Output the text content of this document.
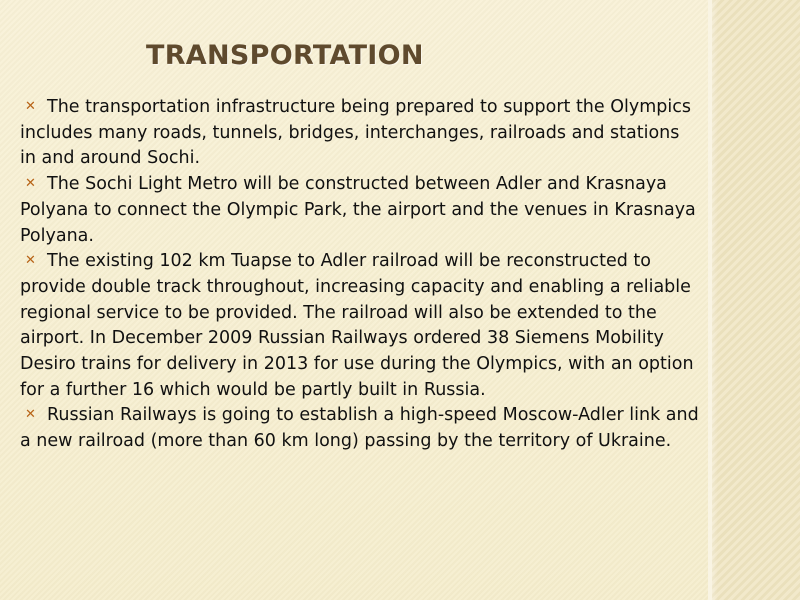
TRANSPORTATION

✕ The transportation infrastructure being prepared to support the Olympics includes many roads, tunnels, bridges, interchanges, railroads and stations in and around Sochi.

✕ The Sochi Light Metro will be constructed between Adler and Krasnaya Polyana to connect the Olympic Park, the airport and the venues in Krasnaya Polyana.

✕ The existing 102 km Tuapse to Adler railroad will be reconstructed to provide double track throughout, increasing capacity and enabling a reliable regional service to be provided. The railroad will also be extended to the airport. In December 2009 Russian Railways ordered 38 Siemens Mobility Desiro trains for delivery in 2013 for use during the Olympics, with an option for a further 16 which would be partly built in Russia.

✕ Russian Railways is going to establish a high-speed Moscow-Adler link and a new railroad (more than 60 km long) passing by the territory of Ukraine.
